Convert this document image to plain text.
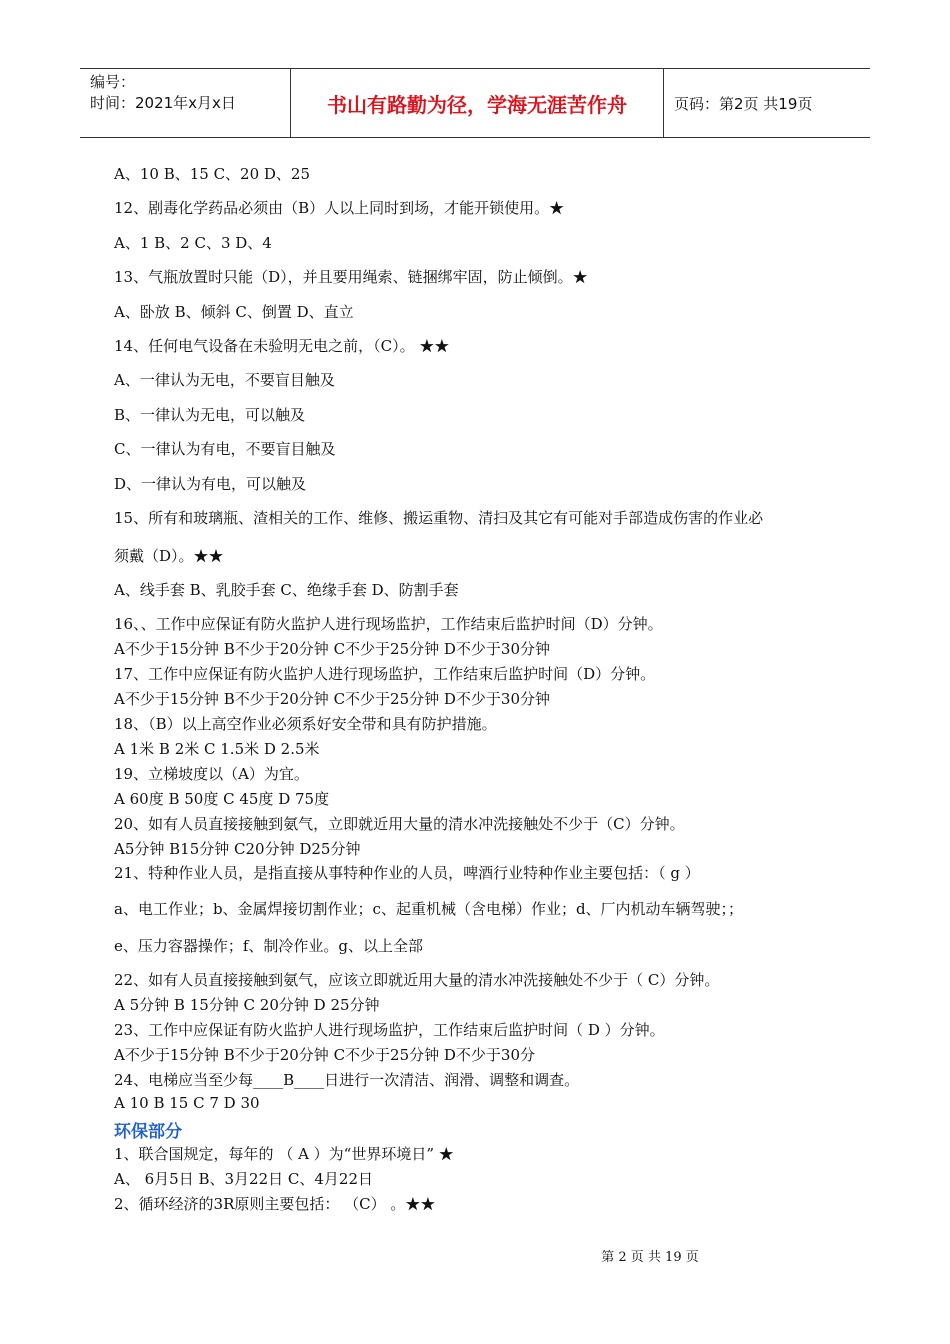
编号：
时间：2021年x月x日	书山有路勤为径，学海无涯苦作舟	页码：第2页 共19页
A、10 B、15 C、20 D、25
12、剧毒化学药品必须由（B）人以上同时到场，才能开锁使用。★
A、1 B、2 C、3 D、4
13、气瓶放置时只能（D），并且要用绳索、链捆绑牢固，防止倾倒。★
A、卧放 B、倾斜 C、倒置 D、直立
14、任何电气设备在未验明无电之前，（C）。 ★★
A、一律认为无电，不要盲目触及
B、一律认为无电，可以触及
C、一律认为有电，不要盲目触及
D、一律认为有电，可以触及
15、所有和玻璃瓶、渣相关的工作、维修、搬运重物、清扫及其它有可能对手部造成伤害的作业必
须戴（D）。★★
A、线手套 B、乳胶手套 C、绝缘手套 D、防割手套
16、、工作中应保证有防火监护人进行现场监护，工作结束后监护时间（D）分钟。
A不少于15分钟 B不少于20分钟 C不少于25分钟 D不少于30分钟
17、工作中应保证有防火监护人进行现场监护，工作结束后监护时间（D）分钟。
A不少于15分钟 B不少于20分钟 C不少于25分钟 D不少于30分钟
18、（B）以上高空作业必须系好安全带和具有防护措施。
A 1米 B 2米 C 1.5米 D 2.5米
19、立梯坡度以（A）为宜。
A 60度 B 50度 C 45度 D 75度
20、如有人员直接接触到氨气，立即就近用大量的清水冲洗接触处不少于（C）分钟。
A5分钟 B15分钟 C20分钟 D25分钟
21、特种作业人员，是指直接从事特种作业的人员，啤酒行业特种作业主要包括：（ g ）
a、电工作业；b、金属焊接切割作业；c、起重机械（含电梯）作业；d、厂内机动车辆驾驶；；
e、压力容器操作；f、制冷作业。g、以上全部
22、如有人员直接接触到氨气，应该立即就近用大量的清水冲洗接触处不少于（ C）分钟。
A 5分钟 B 15分钟 C 20分钟 D 25分钟
23、工作中应保证有防火监护人进行现场监护，工作结束后监护时间（ D ）分钟。
A不少于15分钟 B不少于20分钟 C不少于25分钟 D不少于30分
24、电梯应当至少每____B____日进行一次清洁、润滑、调整和调查。
A 10 B 15 C 7 D 30
环保部分
1、联合国规定，每年的 （ A ）为“世界环境日” ★
A、 6月5日 B、3月22日 C、4月22日
2、循环经济的3R原则主要包括： （C） 。★★
第 2 页 共 19 页
